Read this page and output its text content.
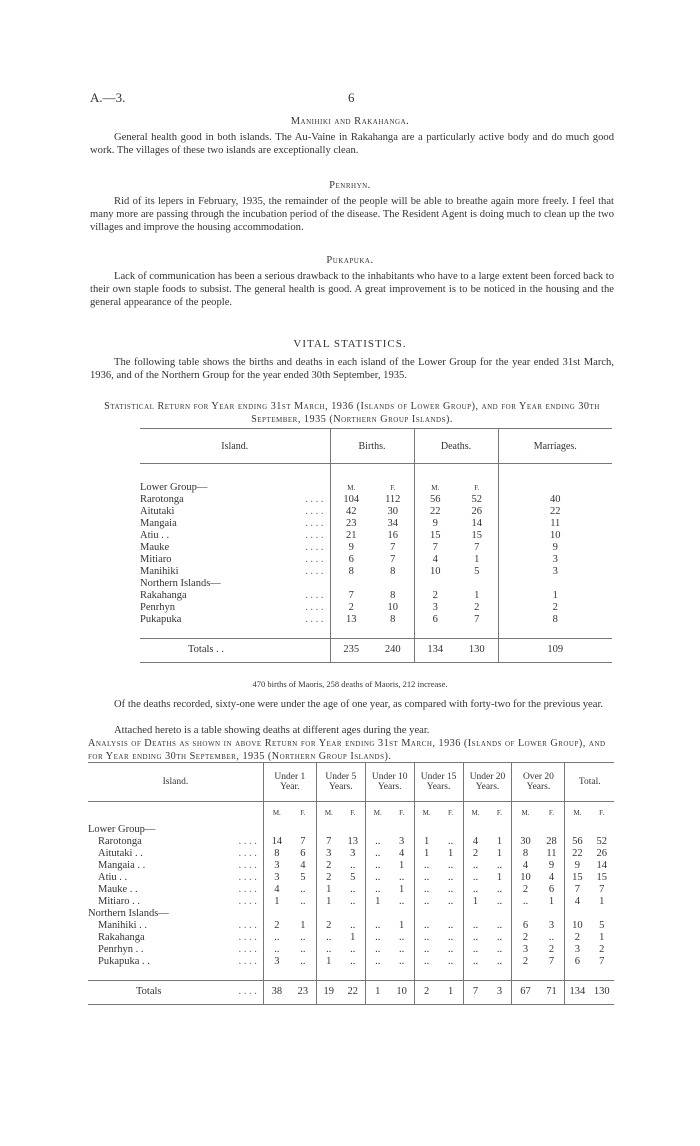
A.—3.	6
Manihiki and Rakahanga.
General health good in both islands. The Au-Vaine in Rakahanga are a particularly active body and do much good work. The villages of these two islands are exceptionally clean.
Penrhyn.
Rid of its lepers in February, 1935, the remainder of the people will be able to breathe again more freely. I feel that many more are passing through the incubation period of the disease. The Resident Agent is doing much to clean up the two villages and improve the housing accommodation.
Pukapuka.
Lack of communication has been a serious drawback to the inhabitants who have to a large extent been forced back to their own staple foods to subsist. The general health is good. A great improvement is to be noticed in the housing and the general appearance of the people.
VITAL STATISTICS.
The following table shows the births and deaths in each island of the Lower Group for the year ended 31st March, 1936, and of the Northern Group for the year ended 30th September, 1935.
Statistical Return for Year ending 31st March, 1936 (Islands of Lower Group), and for Year ending 30th September, 1935 (Northern Group Islands).
Island.		Births.		Deaths.		Marriages.	

Lower Group—		M.	F.	M.	F.		
Rarotonga	. . . .	104	112	56	52	40	
Aitutaki	. . . .	42	30	22	26	22	
Mangaia	. . . .	23	34	9	14	11	
Atiu . .	. . . .	21	16	15	15	10	
Mauke	. . . .	9	7	7	7	9	
Mitiaro	. . . .	6	7	4	1	3	
Manihiki	. . . .	8	8	10	5	3	
Northern Islands—							
Rakahanga	. . . .	7	8	2	1	1	
Penrhyn	. . . .	2	10	3	2	2	
Pukapuka	. . . .	13	8	6	7	8	

Totals . .		235	240	134	130	109	
470 births of Maoris, 258 deaths of Maoris, 212 increase.
Of the deaths recorded, sixty-one were under the age of one year, as compared with forty-two for the previous year.
Attached hereto is a table showing deaths at different ages during the year.
Analysis of Deaths as shown in above Return for Year ending 31st March, 1936 (Islands of Lower Group), and for Year ending 30th September, 1935 (Northern Group Islands).
Island.	Under 1 Year.		Under 5 Years.		Under 10 Years.		Under 15 Years.		Under 20 Years.		Over 20 Years.		Total.	
	M.	F.	M.	F.	M.	F.	M.	F.	M.	F.	M.	F.	M.	F.
Lower Group—														
Rarotonga . . . .	14	7	7	13	..	3	1	..	4	1	30	28	56	52
Aitutaki . . . . . .	8	6	3	3	..	4	1	1	2	1	8	11	22	26
Mangaia . . . . . .	3	4	2	..	..	1	..	..	..	..	4	9	9	14
Atiu . . . . . .	3	5	2	5	..	..	..	..	..	1	10	4	15	15
Mauke . . . . . .	4	..	1	..	..	1	..	..	..	..	2	6	7	7
Mitiaro . . . . . .	1	..	1	..	1	..	..	..	1	..	..	1	4	1
Northern Islands—														
Manihiki . . . . . .	2	1	2	..	..	1	..	..	..	..	6	3	10	5
Rakahanga . . . .	..	..	..	1	..	..	..	..	..	..	2	..	2	1
Penrhyn . . . . . .	..	..	..	..	..	..	..	..	..	..	3	2	3	2
Pukapuka . . . . . .	3	..	1	..	..	..	..	..	..	..	2	7	6	7

Totals . . . .	38	23	19	22	1	10	2	1	7	3	67	71	134	130
